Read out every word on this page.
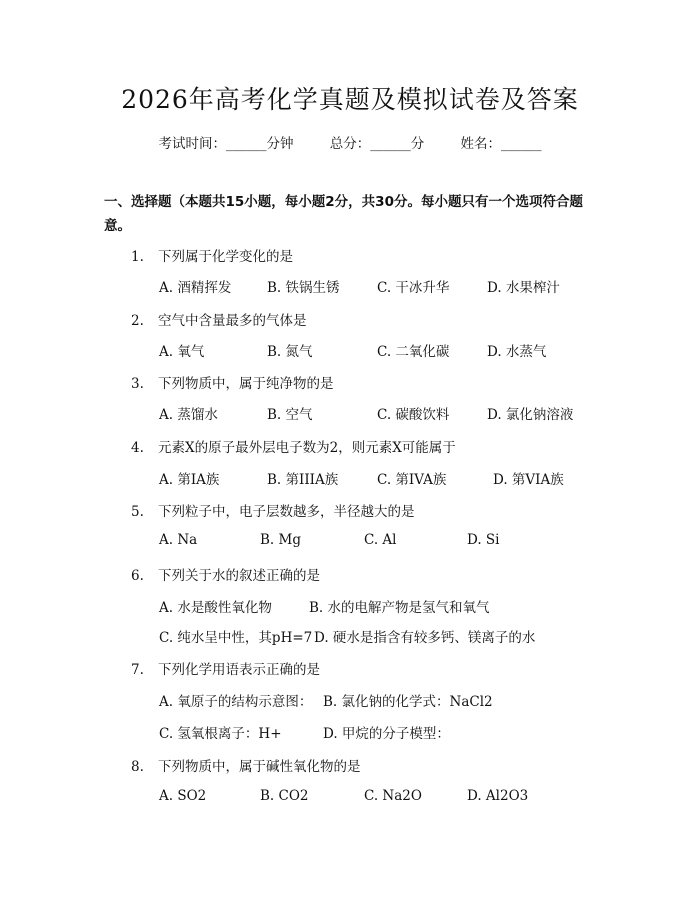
2026年高考化学真题及模拟试卷及答案
考试时间：______分钟	总分：______分	姓名：______
一、选择题（本题共15小题，每小题2分，共30分。每小题只有一个选项符合题意。
1. 下列属于化学变化的是
A. 酒精挥发	B. 铁锅生锈	C. 干冰升华	D. 水果榨汁
2. 空气中含量最多的气体是
A. 氧气	B. 氮气	C. 二氧化碳	D. 水蒸气
3. 下列物质中，属于纯净物的是
A. 蒸馏水	B. 空气	C. 碳酸饮料	D. 氯化钠溶液
4. 元素X的原子最外层电子数为2，则元素X可能属于
A. 第IA族	B. 第IIIA族	C. 第IVA族	D. 第VIA族
5. 下列粒子中，电子层数越多，半径越大的是
A. Na	B. Mg	C. Al	D. Si
6. 下列关于水的叙述正确的是
A. 水是酸性氧化物	B. 水的电解产物是氢气和氧气
C. 纯水呈中性，其pH=7 D. 硬水是指含有较多钙、镁离子的水
7. 下列化学用语表示正确的是
A. 氧原子的结构示意图： B. 氯化钠的化学式：NaCl2
C. 氢氧根离子：H+	D. 甲烷的分子模型：
8. 下列物质中，属于碱性氧化物的是
A. SO2	B. CO2	C. Na2O	D. Al2O3
